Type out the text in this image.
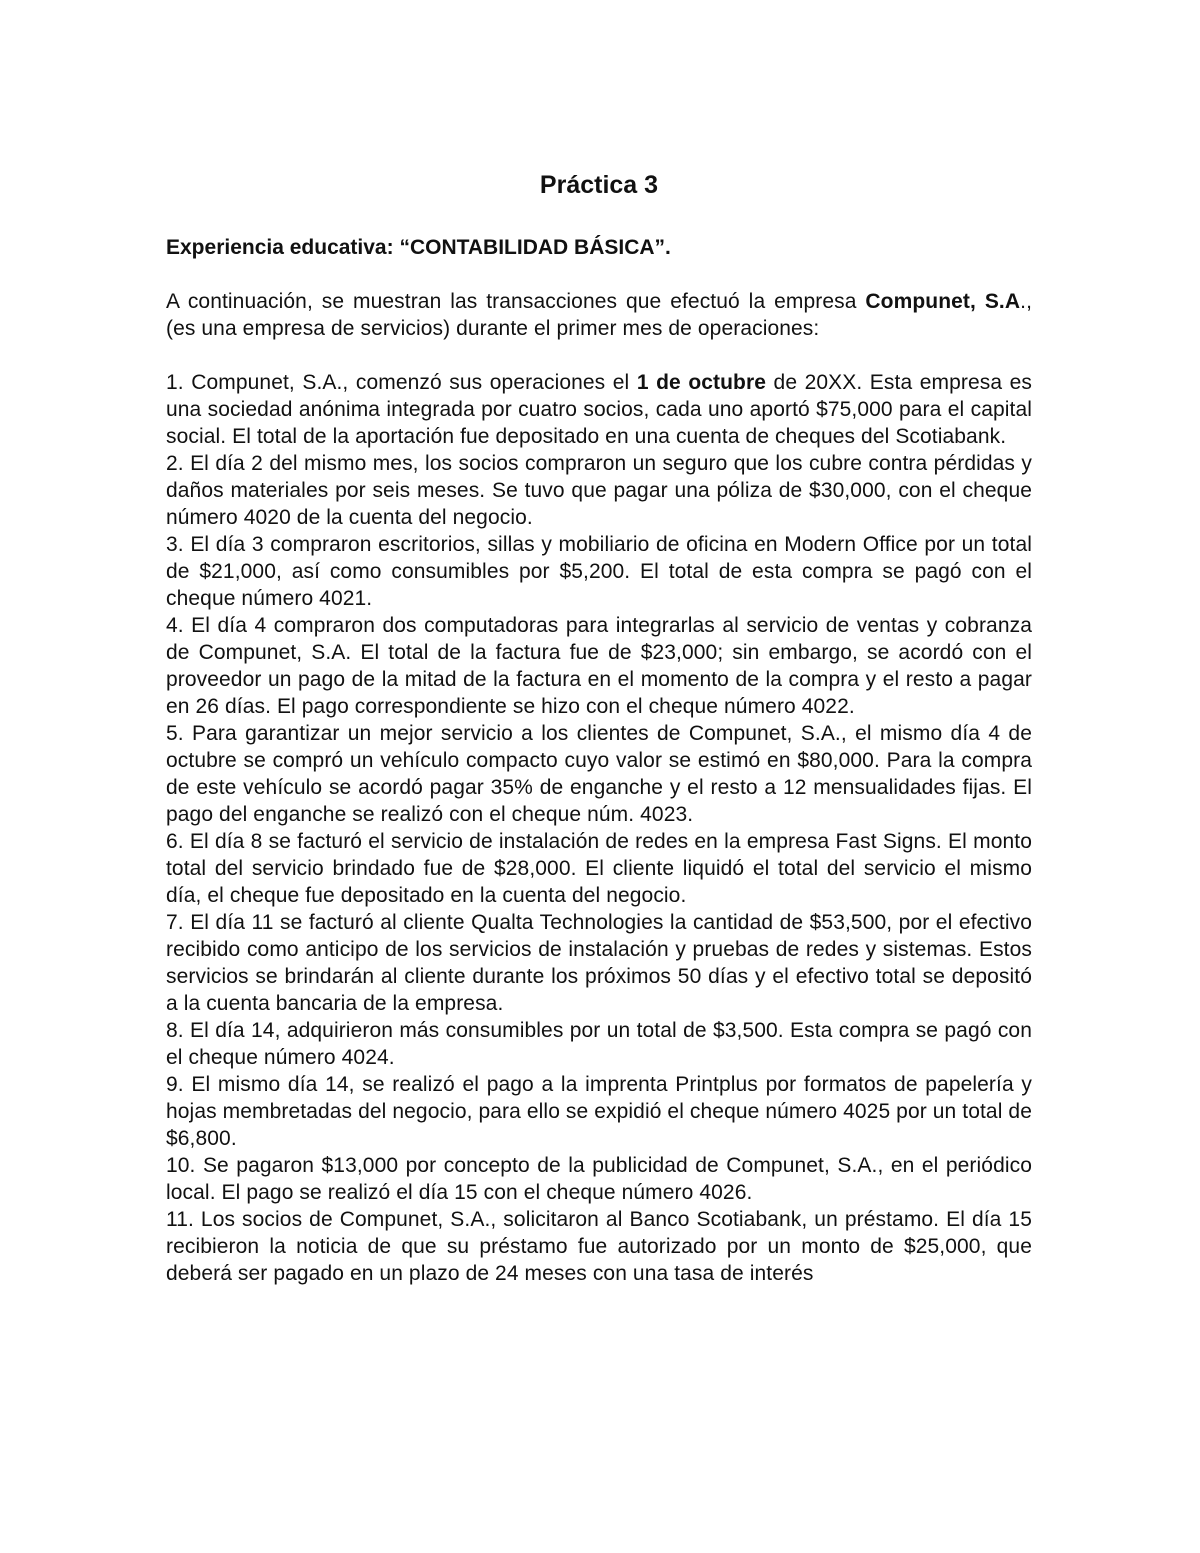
Práctica 3
Experiencia educativa: “CONTABILIDAD BÁSICA”.

A continuación, se muestran las transacciones que efectuó la empresa Compunet, S.A., (es una empresa de servicios) durante el primer mes de operaciones:

1. Compunet, S.A., comenzó sus operaciones el 1 de octubre de 20XX. Esta empresa es una sociedad anónima integrada por cuatro socios, cada uno aportó $75,000 para el capital social. El total de la aportación fue depositado en una cuenta de cheques del Scotiabank.

2. El día 2 del mismo mes, los socios compraron un seguro que los cubre contra pérdidas y daños materiales por seis meses. Se tuvo que pagar una póliza de $30,000, con el cheque número 4020 de la cuenta del negocio.

3. El día 3 compraron escritorios, sillas y mobiliario de oficina en Modern Office por un total de $21,000, así como consumibles por $5,200. El total de esta compra se pagó con el cheque número 4021.

4. El día 4 compraron dos computadoras para integrarlas al servicio de ventas y cobranza de Compunet, S.A. El total de la factura fue de $23,000; sin embargo, se acordó con el proveedor un pago de la mitad de la factura en el momento de la compra y el resto a pagar en 26 días. El pago correspondiente se hizo con el cheque número 4022.

5. Para garantizar un mejor servicio a los clientes de Compunet, S.A., el mismo día 4 de octubre se compró un vehículo compacto cuyo valor se estimó en $80,000. Para la compra de este vehículo se acordó pagar 35% de enganche y el resto a 12 mensualidades fijas. El pago del enganche se realizó con el cheque núm. 4023.

6. El día 8 se facturó el servicio de instalación de redes en la empresa Fast Signs. El monto total del servicio brindado fue de $28,000. El cliente liquidó el total del servicio el mismo día, el cheque fue depositado en la cuenta del negocio.

7. El día 11 se facturó al cliente Qualta Technologies la cantidad de $53,500, por el efectivo recibido como anticipo de los servicios de instalación y pruebas de redes y sistemas. Estos servicios se brindarán al cliente durante los próximos 50 días y el efectivo total se depositó a la cuenta bancaria de la empresa.

8. El día 14, adquirieron más consumibles por un total de $3,500. Esta compra se pagó con el cheque número 4024.

9. El mismo día 14, se realizó el pago a la imprenta Printplus por formatos de papelería y hojas membretadas del negocio, para ello se expidió el cheque número 4025 por un total de $6,800.

10. Se pagaron $13,000 por concepto de la publicidad de Compunet, S.A., en el periódico local. El pago se realizó el día 15 con el cheque número 4026.

11. Los socios de Compunet, S.A., solicitaron al Banco Scotiabank, un préstamo. El día 15 recibieron la noticia de que su préstamo fue autorizado por un monto de $25,000, que deberá ser pagado en un plazo de 24 meses con una tasa de interés
